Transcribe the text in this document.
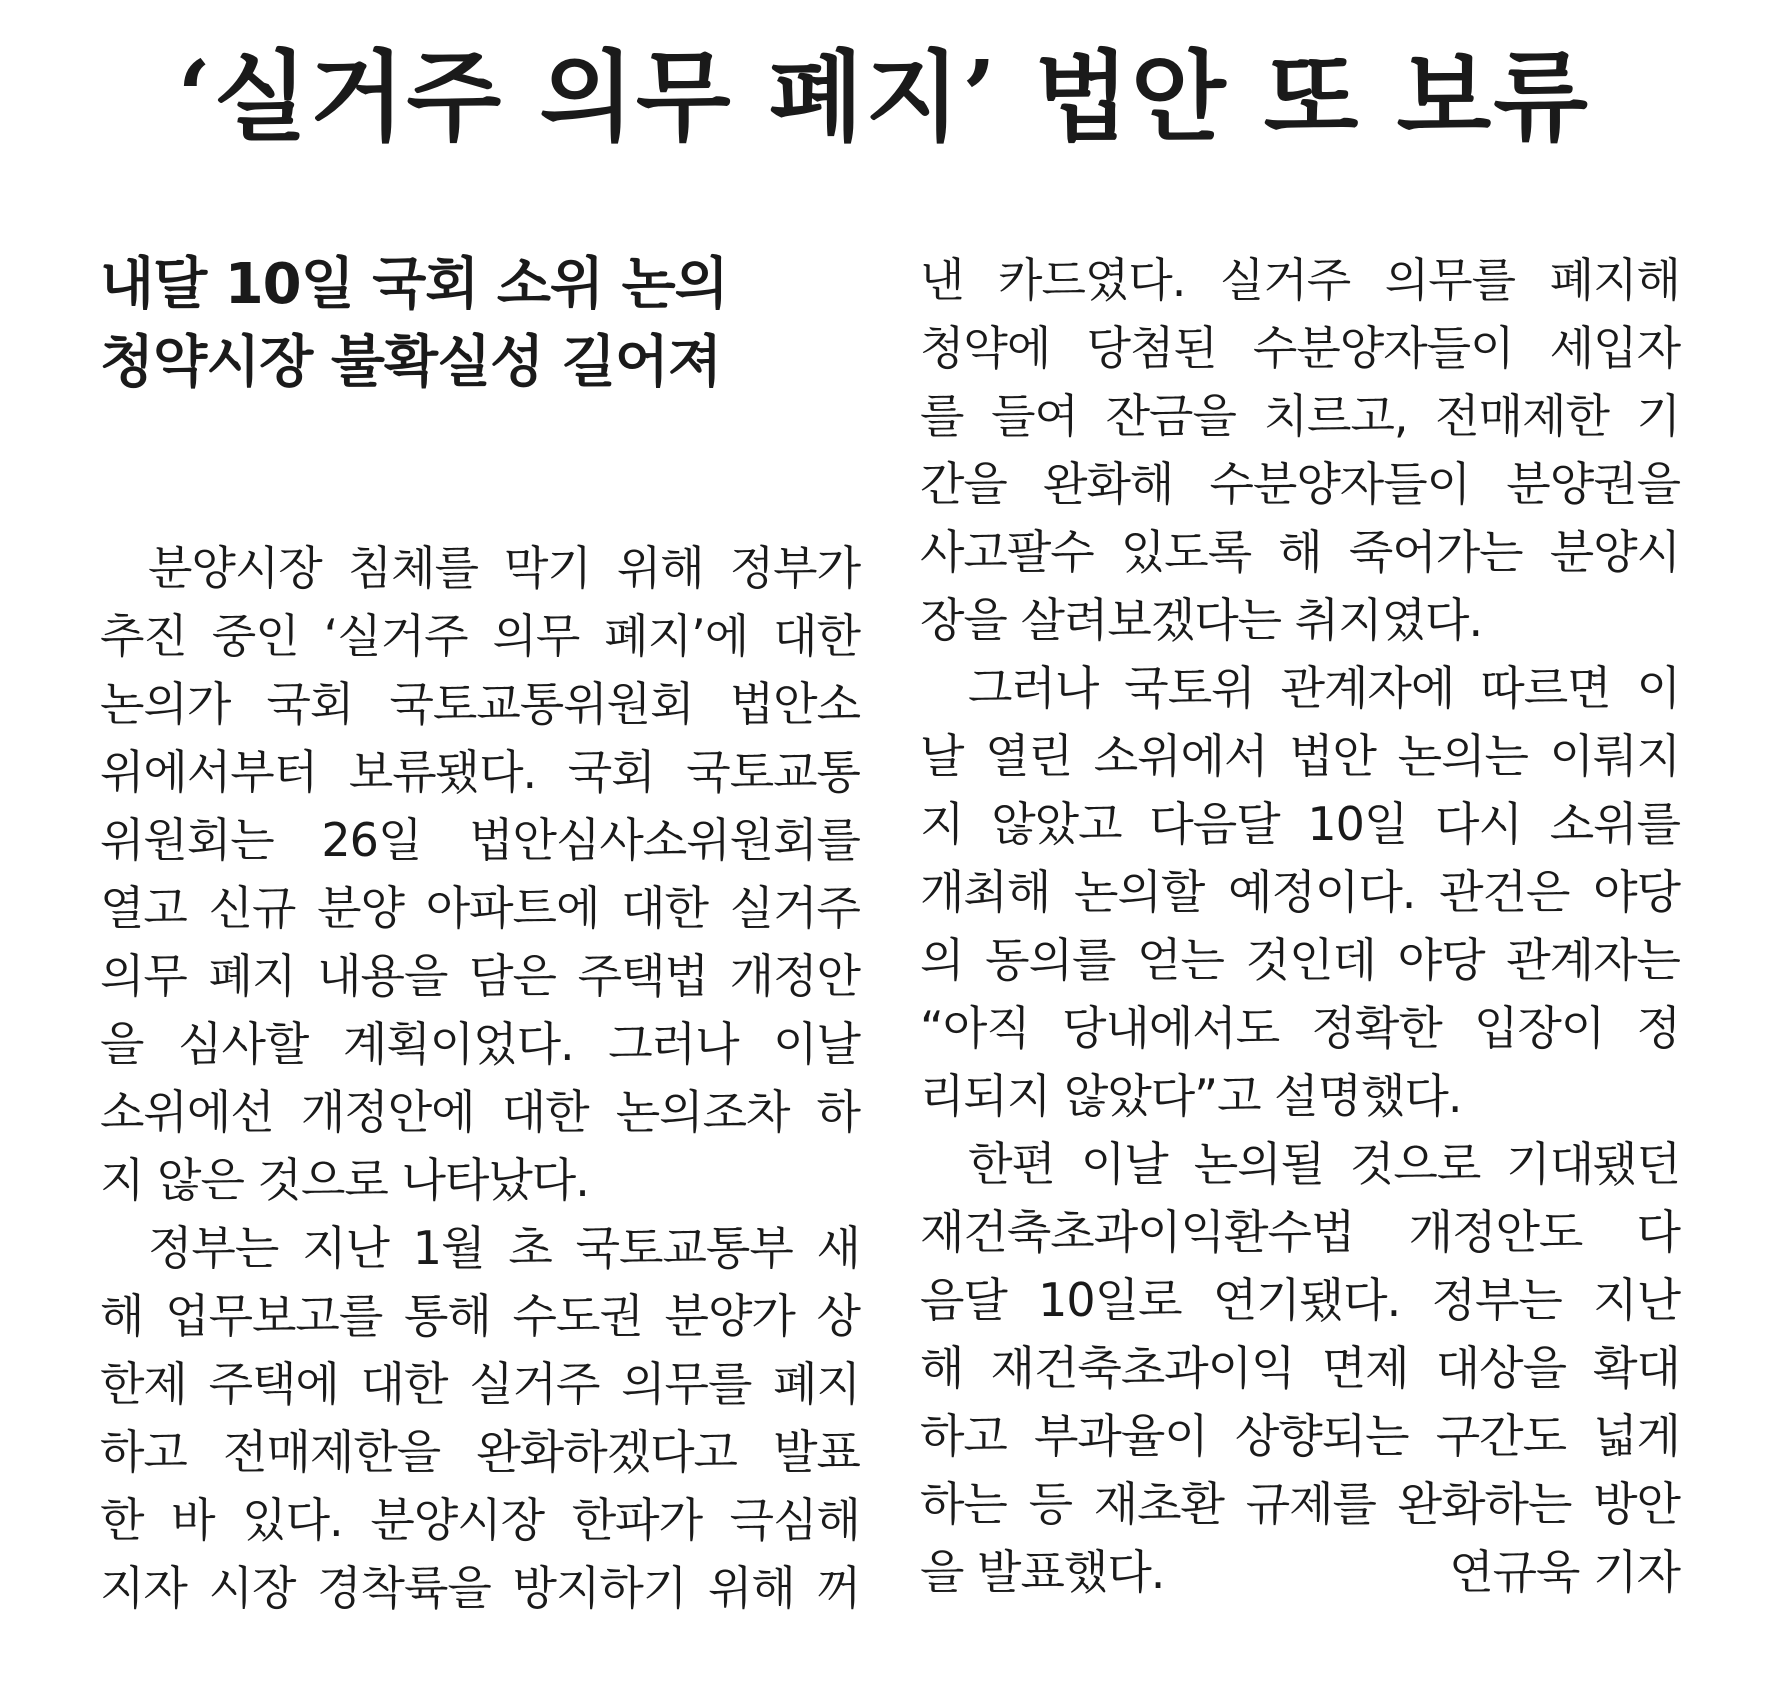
‘실거주 의무 폐지’ 법안 또 보류
내달 10일 국회 소위 논의
청약시장 불확실성 길어져
분양시장 침체를 막기 위해 정부가
추진 중인 ‘실거주 의무 폐지’에 대한
논의가 국회 국토교통위원회 법안소
위에서부터 보류됐다. 국회 국토교통
위원회는 26일 법안심사소위원회를
열고 신규 분양 아파트에 대한 실거주
의무 폐지 내용을 담은 주택법 개정안
을 심사할 계획이었다. 그러나 이날
소위에선 개정안에 대한 논의조차 하
지 않은 것으로 나타났다.
정부는 지난 1월 초 국토교통부 새
해 업무보고를 통해 수도권 분양가 상
한제 주택에 대한 실거주 의무를 폐지
하고 전매제한을 완화하겠다고 발표
한 바 있다. 분양시장 한파가 극심해
지자 시장 경착륙을 방지하기 위해 꺼
낸 카드였다. 실거주 의무를 폐지해
청약에 당첨된 수분양자들이 세입자
를 들여 잔금을 치르고, 전매제한 기
간을 완화해 수분양자들이 분양권을
사고팔수 있도록 해 죽어가는 분양시
장을 살려보겠다는 취지였다.
그러나 국토위 관계자에 따르면 이
날 열린 소위에서 법안 논의는 이뤄지
지 않았고 다음달 10일 다시 소위를
개최해 논의할 예정이다. 관건은 야당
의 동의를 얻는 것인데 야당 관계자는
“아직 당내에서도 정확한 입장이 정
리되지 않았다”고 설명했다.
한편 이날 논의될 것으로 기대됐던
재건축초과이익환수법 개정안도 다
음달 10일로 연기됐다. 정부는 지난
해 재건축초과이익 면제 대상을 확대
하고 부과율이 상향되는 구간도 넓게
하는 등 재초환 규제를 완화하는 방안
을 발표했다.	연규욱 기자
